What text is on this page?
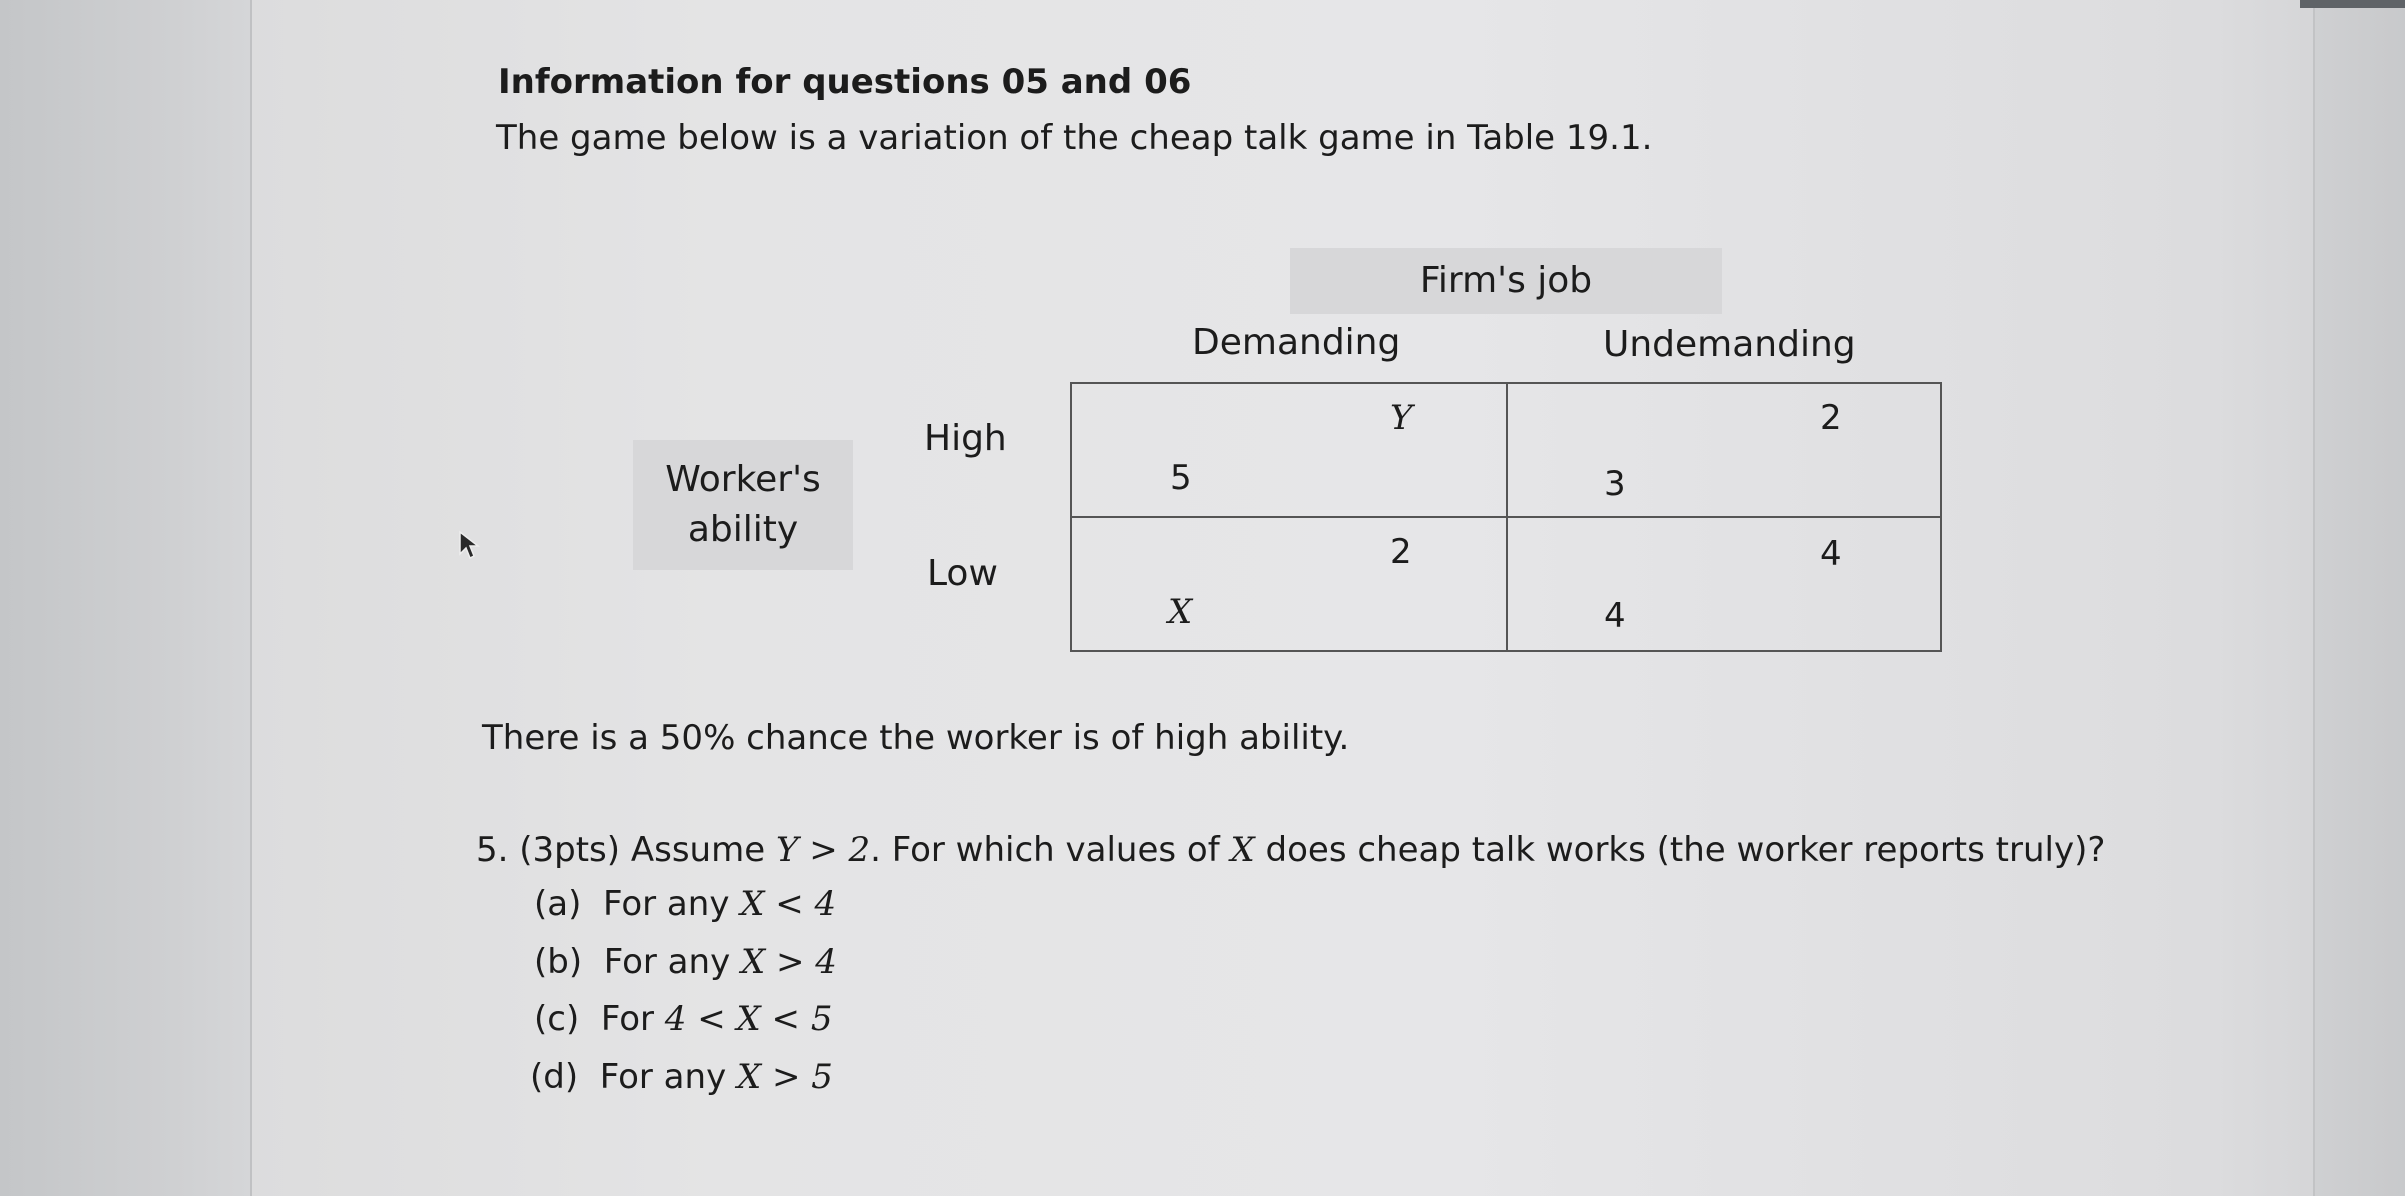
Information for questions 05 and 06
The game below is a variation of the cheap talk game in Table 19.1.
Firm's job
Demanding	Undemanding
Worker's ability
High
Low
Y
5
2
3
2
X
4
4
There is a 50% chance the worker is of high ability.
5. (3pts) Assume Y > 2. For which values of X does cheap talk works (the worker reports truly)?
(a) For any X < 4
(b) For any X > 4
(c) For 4 < X < 5
(d) For any X > 5
